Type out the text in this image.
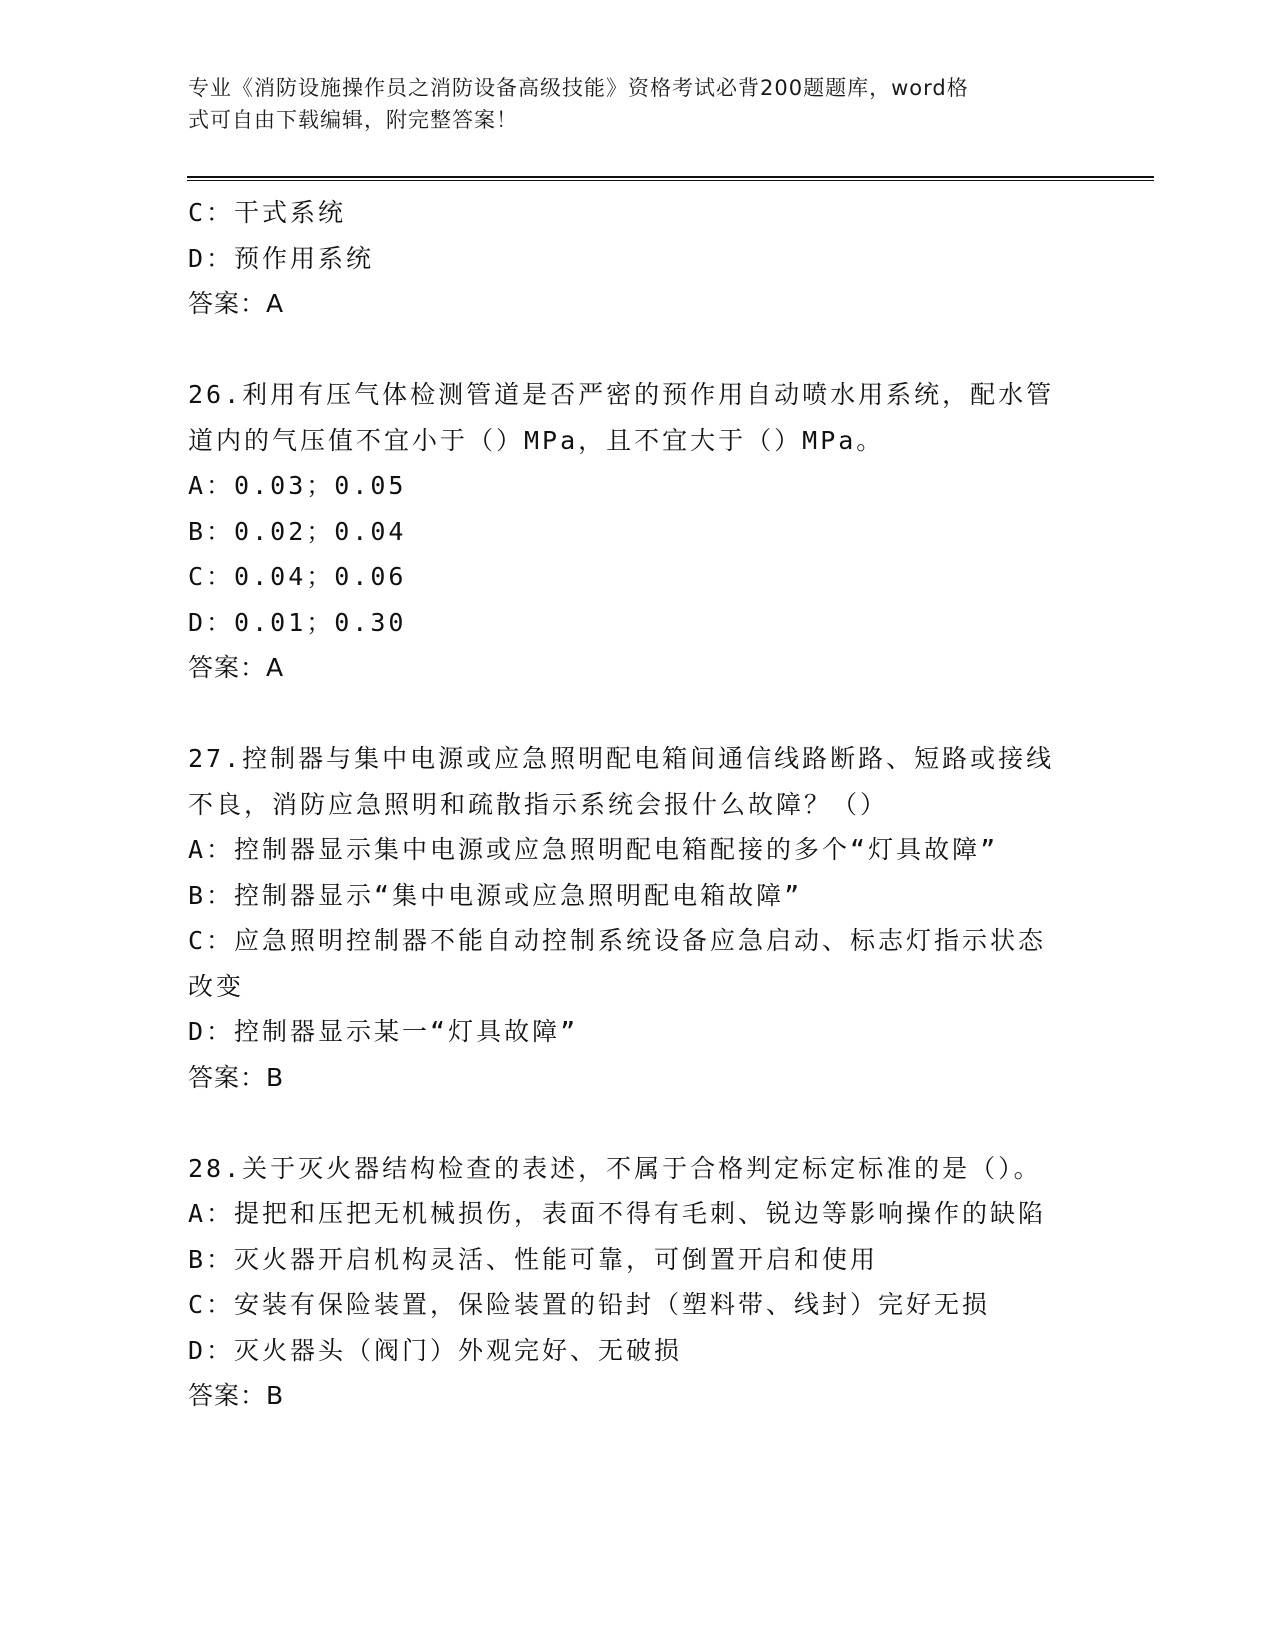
专业《消防设施操作员之消防设备高级技能》资格考试必背200题题库，word格
式可自由下载编辑，附完整答案！
C：干式系统
D：预作用系统
答案：A
26.利用有压气体检测管道是否严密的预作用自动喷水用系统，配水管
道内的气压值不宜小于（）MPa，且不宜大于（）MPa。
A：0.03；0.05
B：0.02；0.04
C：0.04；0.06
D：0.01；0.30
答案：A
27.控制器与集中电源或应急照明配电箱间通信线路断路、短路或接线
不良，消防应急照明和疏散指示系统会报什么故障？（）
A：控制器显示集中电源或应急照明配电箱配接的多个“灯具故障”
B：控制器显示“集中电源或应急照明配电箱故障”
C：应急照明控制器不能自动控制系统设备应急启动、标志灯指示状态
改变
D：控制器显示某一“灯具故障”
答案：B
28.关于灭火器结构检查的表述，不属于合格判定标定标准的是（）。
A：提把和压把无机械损伤，表面不得有毛刺、锐边等影响操作的缺陷
B：灭火器开启机构灵活、性能可靠，可倒置开启和使用
C：安装有保险装置，保险装置的铅封（塑料带、线封）完好无损
D：灭火器头（阀门）外观完好、无破损
答案：B
